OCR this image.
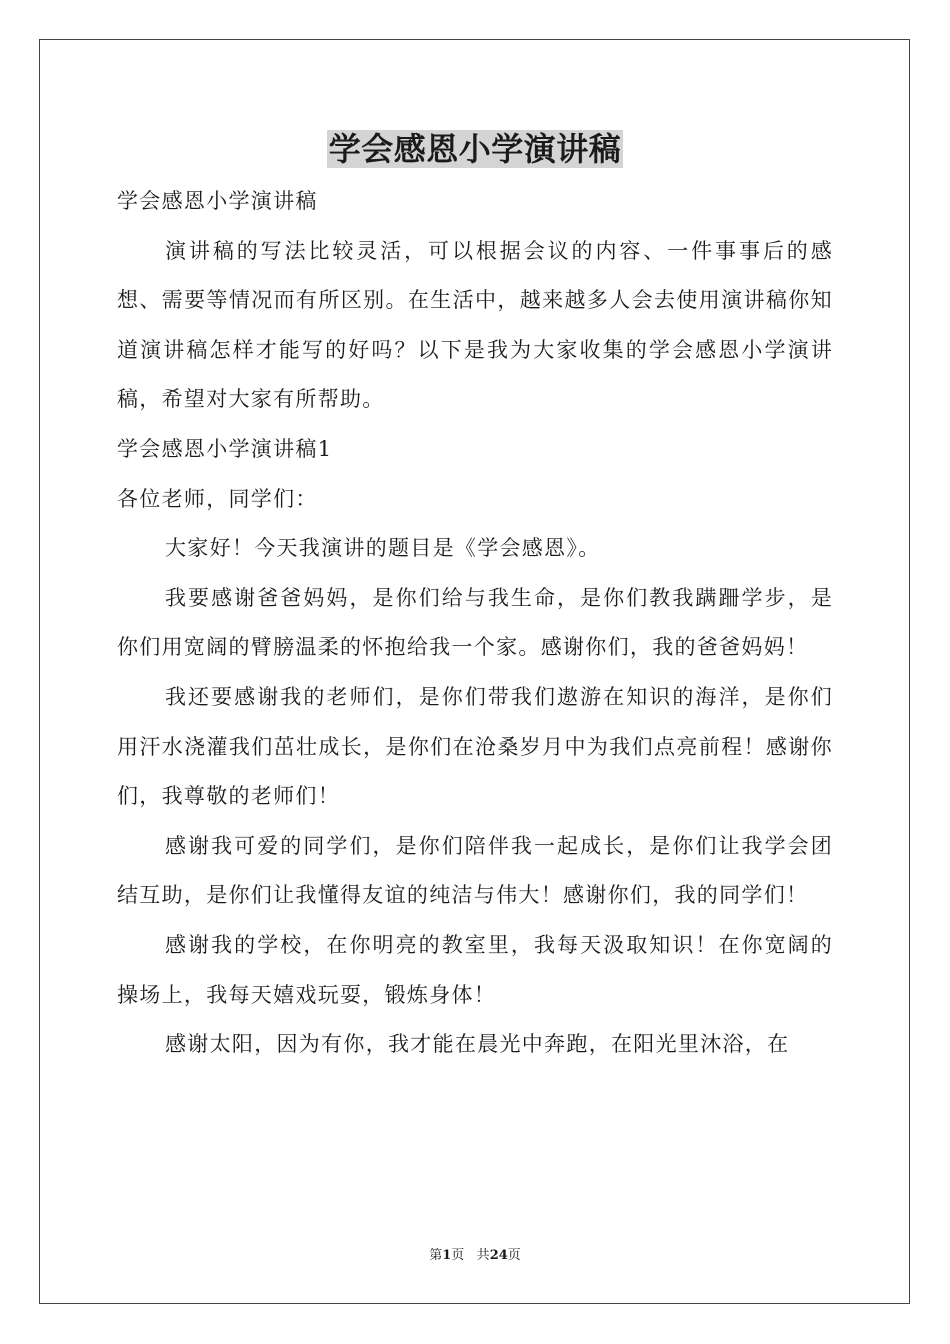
学会感恩小学演讲稿

学会感恩小学演讲稿

演讲稿的写法比较灵活，可以根据会议的内容、一件事事后的感想、需要等情况而有所区别。在生活中，越来越多人会去使用演讲稿你知道演讲稿怎样才能写的好吗？以下是我为大家收集的学会感恩小学演讲稿，希望对大家有所帮助。

学会感恩小学演讲稿1

各位老师，同学们：

大家好！今天我演讲的题目是《学会感恩》。

我要感谢爸爸妈妈，是你们给与我生命，是你们教我蹒跚学步，是你们用宽阔的臂膀温柔的怀抱给我一个家。感谢你们，我的爸爸妈妈！

我还要感谢我的老师们，是你们带我们遨游在知识的海洋，是你们用汗水浇灌我们茁壮成长，是你们在沧桑岁月中为我们点亮前程！感谢你们，我尊敬的老师们！

感谢我可爱的同学们，是你们陪伴我一起成长，是你们让我学会团结互助，是你们让我懂得友谊的纯洁与伟大！感谢你们，我的同学们！

感谢我的学校，在你明亮的教室里，我每天汲取知识！在你宽阔的操场上，我每天嬉戏玩耍，锻炼身体！

感谢太阳，因为有你，我才能在晨光中奔跑，在阳光里沐浴，在

第1页 共24页
